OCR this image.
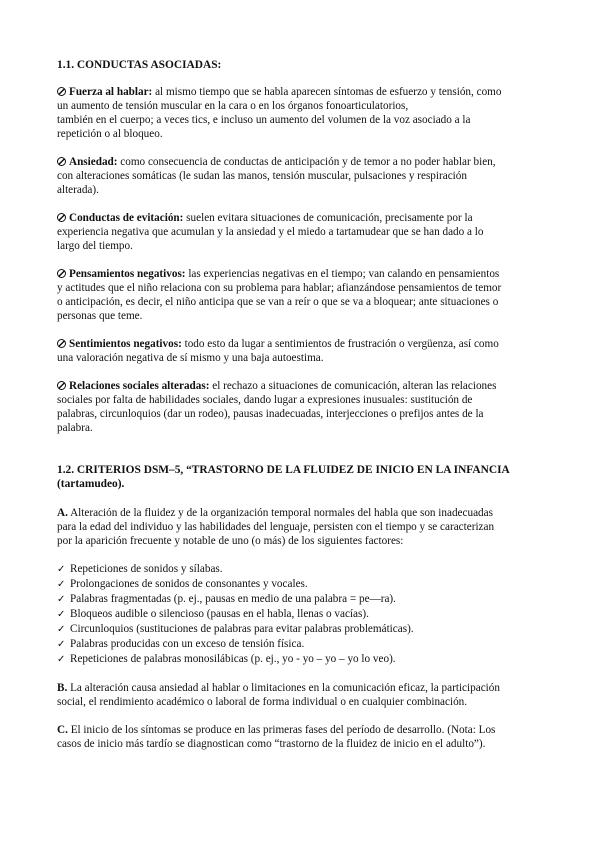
1.1. CONDUCTAS ASOCIADAS:

Fuerza al hablar: al mismo tiempo que se habla aparecen síntomas de esfuerzo y tensión, como
un aumento de tensión muscular en la cara o en los órganos fonoarticulatorios,
también en el cuerpo; a veces tics, e incluso un aumento del volumen de la voz asociado a la
repetición o al bloqueo.

Ansiedad: como consecuencia de conductas de anticipación y de temor a no poder hablar bien,
con alteraciones somáticas (le sudan las manos, tensión muscular, pulsaciones y respiración
alterada).

Conductas de evitación: suelen evitara situaciones de comunicación, precisamente por la
experiencia negativa que acumulan y la ansiedad y el miedo a tartamudear que se han dado a lo
largo del tiempo.

Pensamientos negativos: las experiencias negativas en el tiempo; van calando en pensamientos
y actitudes que el niño relaciona con su problema para hablar; afianzándose pensamientos de temor
o anticipación, es decir, el niño anticipa que se van a reír o que se va a bloquear; ante situaciones o
personas que teme.

Sentimientos negativos: todo esto da lugar a sentimientos de frustración o vergüenza, así como
una valoración negativa de sí mismo y una baja autoestima.

Relaciones sociales alteradas: el rechazo a situaciones de comunicación, alteran las relaciones
sociales por falta de habilidades sociales, dando lugar a expresiones inusuales: sustitución de
palabras, circunloquios (dar un rodeo), pausas inadecuadas, interjecciones o prefijos antes de la
palabra.

1.2. CRITERIOS DSM–5, “TRASTORNO DE LA FLUIDEZ DE INICIO EN LA INFANCIA
(tartamudeo).

A. Alteración de la fluidez y de la organización temporal normales del habla que son inadecuadas
para la edad del individuo y las habilidades del lenguaje, persisten con el tiempo y se caracterizan
por la aparición frecuente y notable de uno (o más) de los siguientes factores:

✓ Repeticiones de sonidos y sílabas.
✓ Prolongaciones de sonidos de consonantes y vocales.
✓ Palabras fragmentadas (p. ej., pausas en medio de una palabra = pe—ra).
✓ Bloqueos audible o silencioso (pausas en el habla, llenas o vacías).
✓ Circunloquios (sustituciones de palabras para evitar palabras problemáticas).
✓ Palabras producidas con un exceso de tensión física.
✓ Repeticiones de palabras monosilábicas (p. ej., yo - yo – yo – yo lo veo).

B. La alteración causa ansiedad al hablar o limitaciones en la comunicación eficaz, la participación
social, el rendimiento académico o laboral de forma individual o en cualquier combinación.

C. El inicio de los síntomas se produce en las primeras fases del período de desarrollo. (Nota: Los
casos de inicio más tardío se diagnostican como “trastorno de la fluidez de inicio en el adulto”).
